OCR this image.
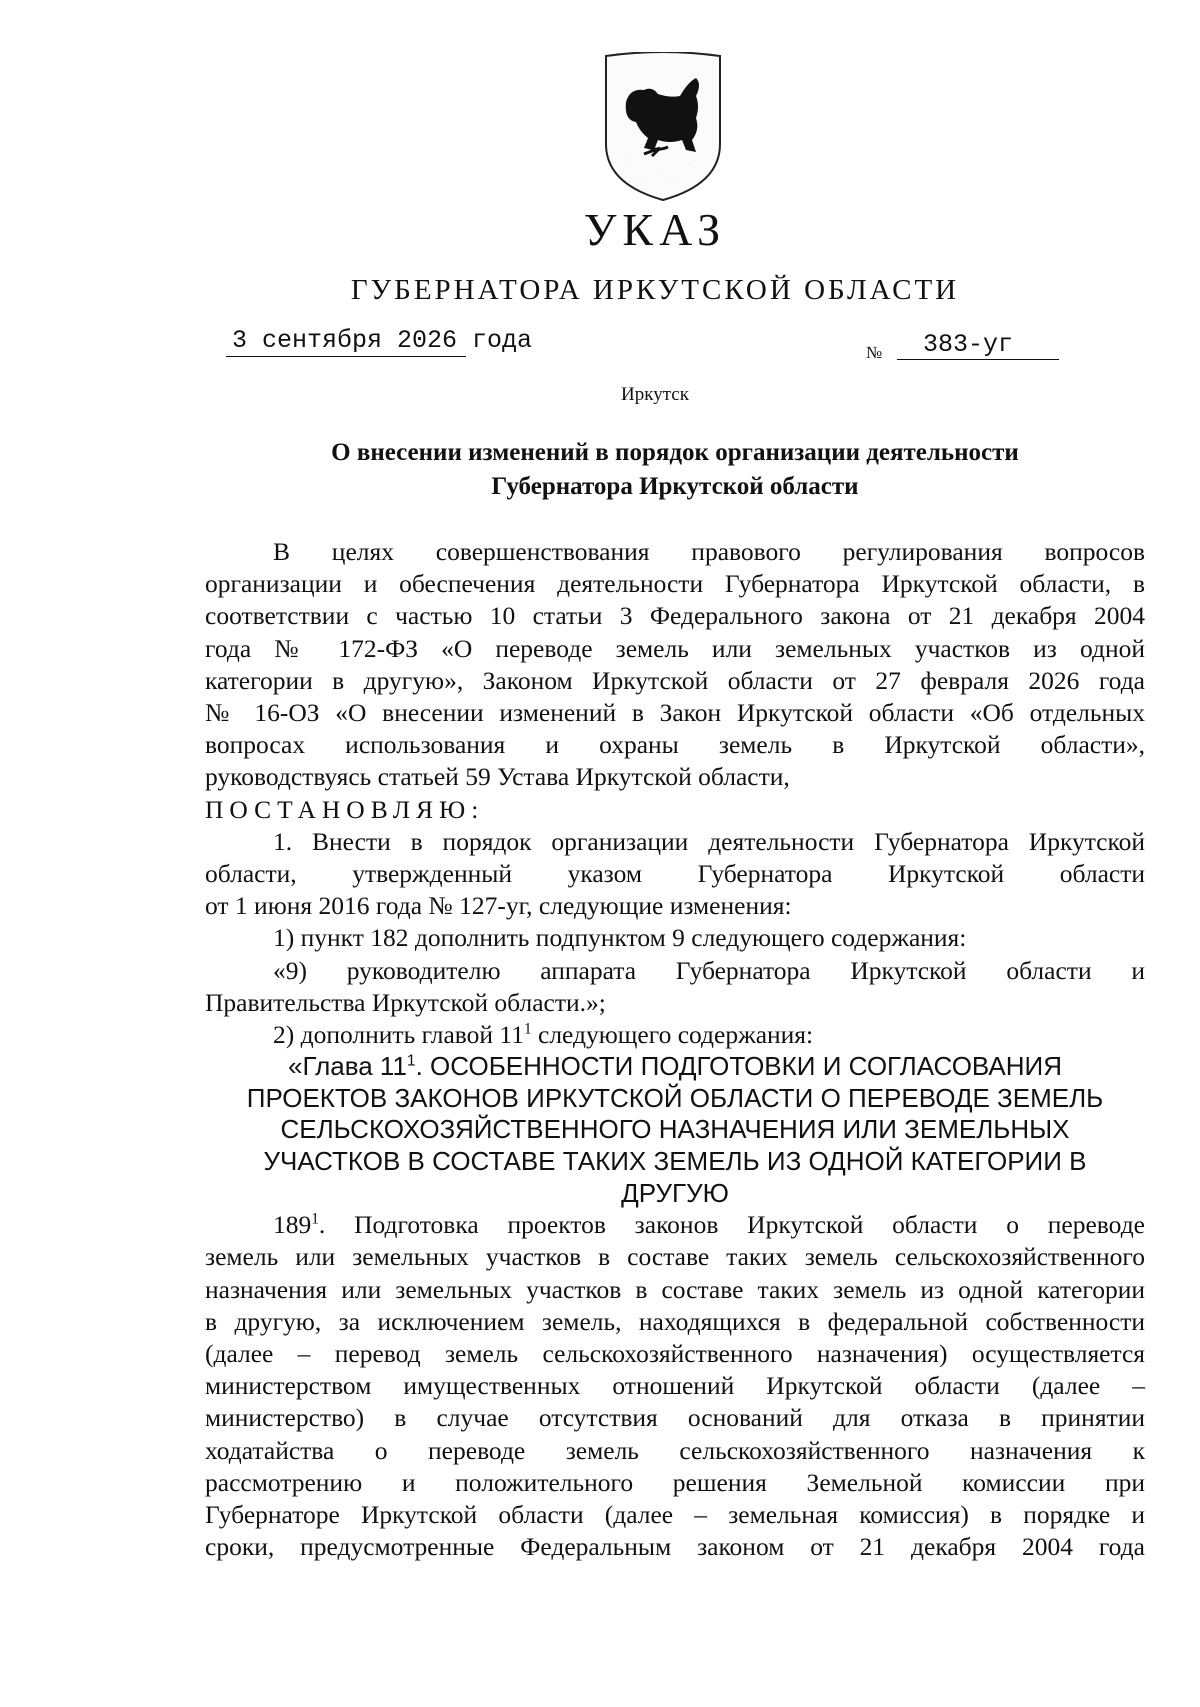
УКАЗ
ГУБЕРНАТОРА ИРКУТСКОЙ ОБЛАСТИ
3 сентября 2026 года	№	383-уг
Иркутск
О внесении изменений в порядок организации деятельности
Губернатора Иркутской области

В целях совершенствования правового регулирования вопросов

организации и обеспечения деятельности Губернатора Иркутской области, в

соответствии с частью 10 статьи 3 Федерального закона от 21 декабря 2004

года № 172-ФЗ «О переводе земель или земельных участков из одной

категории в другую», Законом Иркутской области от 27 февраля 2026 года

№ 16-ОЗ «О внесении изменений в Закон Иркутской области «Об отдельных

вопросах использования и охраны земель в Иркутской области»,

руководствуясь статьей 59 Устава Иркутской области,

ПОСТАНОВЛЯЮ:

1. Внести в порядок организации деятельности Губернатора Иркутской

области, утвержденный указом Губернатора Иркутской области

от 1 июня 2016 года № 127-уг, следующие изменения:

1) пункт 182 дополнить подпунктом 9 следующего содержания:

«9) руководителю аппарата Губернатора Иркутской области и

Правительства Иркутской области.»;

2) дополнить главой $11^1$ следующего содержания:

«Глава $11^1$. ОСОБЕННОСТИ ПОДГОТОВКИ И СОГЛАСОВАНИЯ

ПРОЕКТОВ ЗАКОНОВ ИРКУТСКОЙ ОБЛАСТИ О ПЕРЕВОДЕ ЗЕМЕЛЬ

СЕЛЬСКОХОЗЯЙСТВЕННОГО НАЗНАЧЕНИЯ ИЛИ ЗЕМЕЛЬНЫХ

УЧАСТКОВ В СОСТАВЕ ТАКИХ ЗЕМЕЛЬ ИЗ ОДНОЙ КАТЕГОРИИ В

ДРУГУЮ

$189^1$. Подготовка проектов законов Иркутской области о переводе

земель или земельных участков в составе таких земель сельскохозяйственного

назначения или земельных участков в составе таких земель из одной категории

в другую, за исключением земель, находящихся в федеральной собственности

(далее – перевод земель сельскохозяйственного назначения) осуществляется

министерством имущественных отношений Иркутской области (далее –

министерство) в случае отсутствия оснований для отказа в принятии

ходатайства о переводе земель сельскохозяйственного назначения к

рассмотрению и положительного решения Земельной комиссии при

Губернаторе Иркутской области (далее – земельная комиссия) в порядке и

сроки, предусмотренные Федеральным законом от 21 декабря 2004 года
